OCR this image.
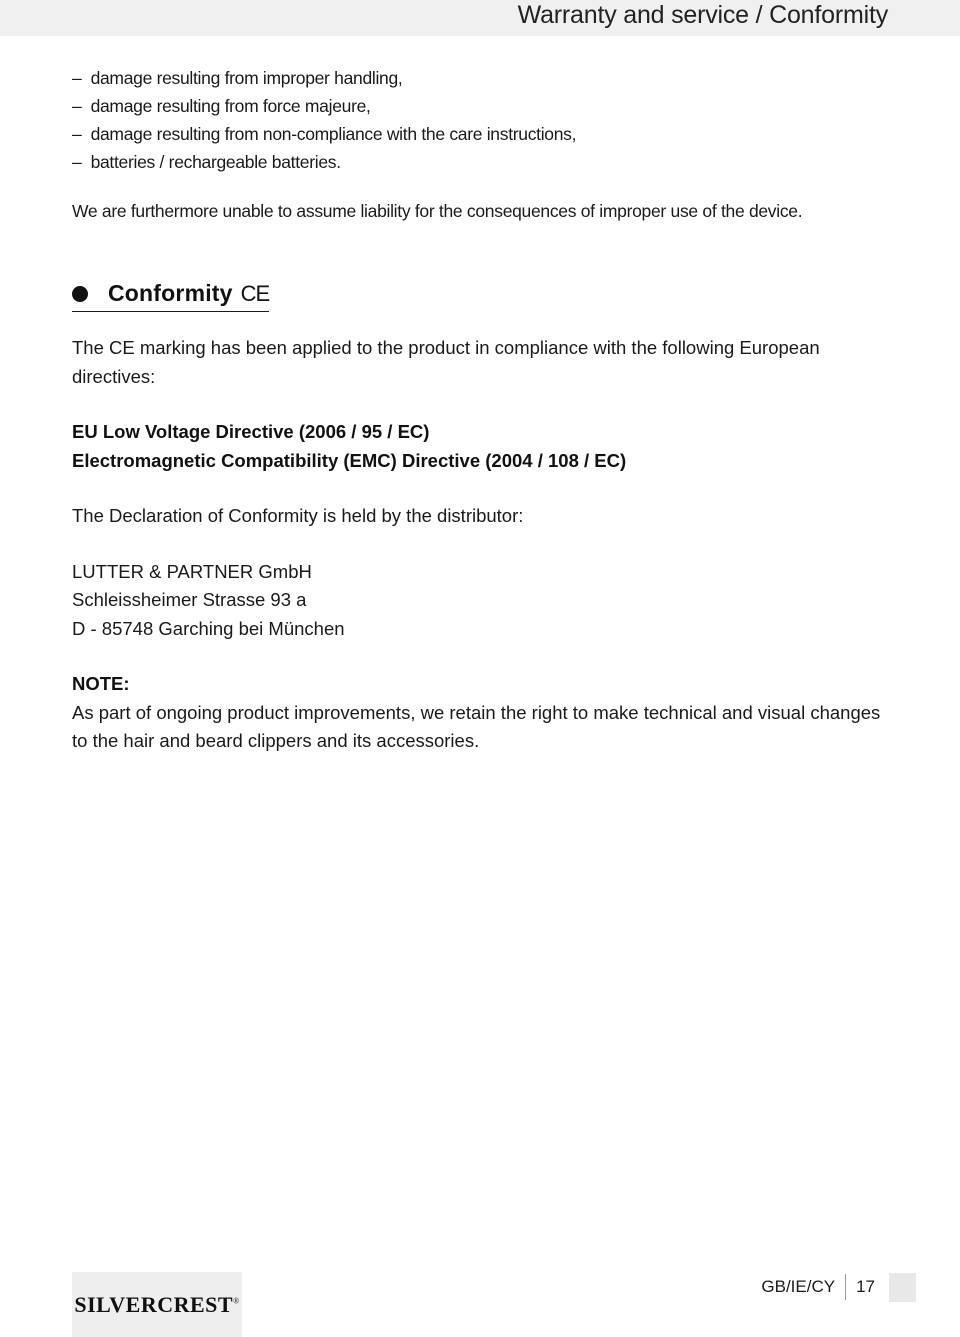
Warranty and service / Conformity
–  damage resulting from improper handling,
–  damage resulting from force majeure,
–  damage resulting from non-compliance with the care instructions,
–  batteries / rechargeable batteries.
We are furthermore unable to assume liability for the consequences of improper use of the device.
Conformity CE
The CE marking has been applied to the product in compliance with the following European directives:
EU Low Voltage Directive (2006 / 95 / EC)
Electromagnetic Compatibility (EMC) Directive (2004 / 108 / EC)
The Declaration of Conformity is held by the distributor:
LUTTER & PARTNER GmbH
Schleissheimer Strasse 93 a
D - 85748 Garching bei München
NOTE:
As part of ongoing product improvements, we retain the right to make technical and visual changes to the hair and beard clippers and its accessories.
SILVERCREST®
GB/IE/CY	17
